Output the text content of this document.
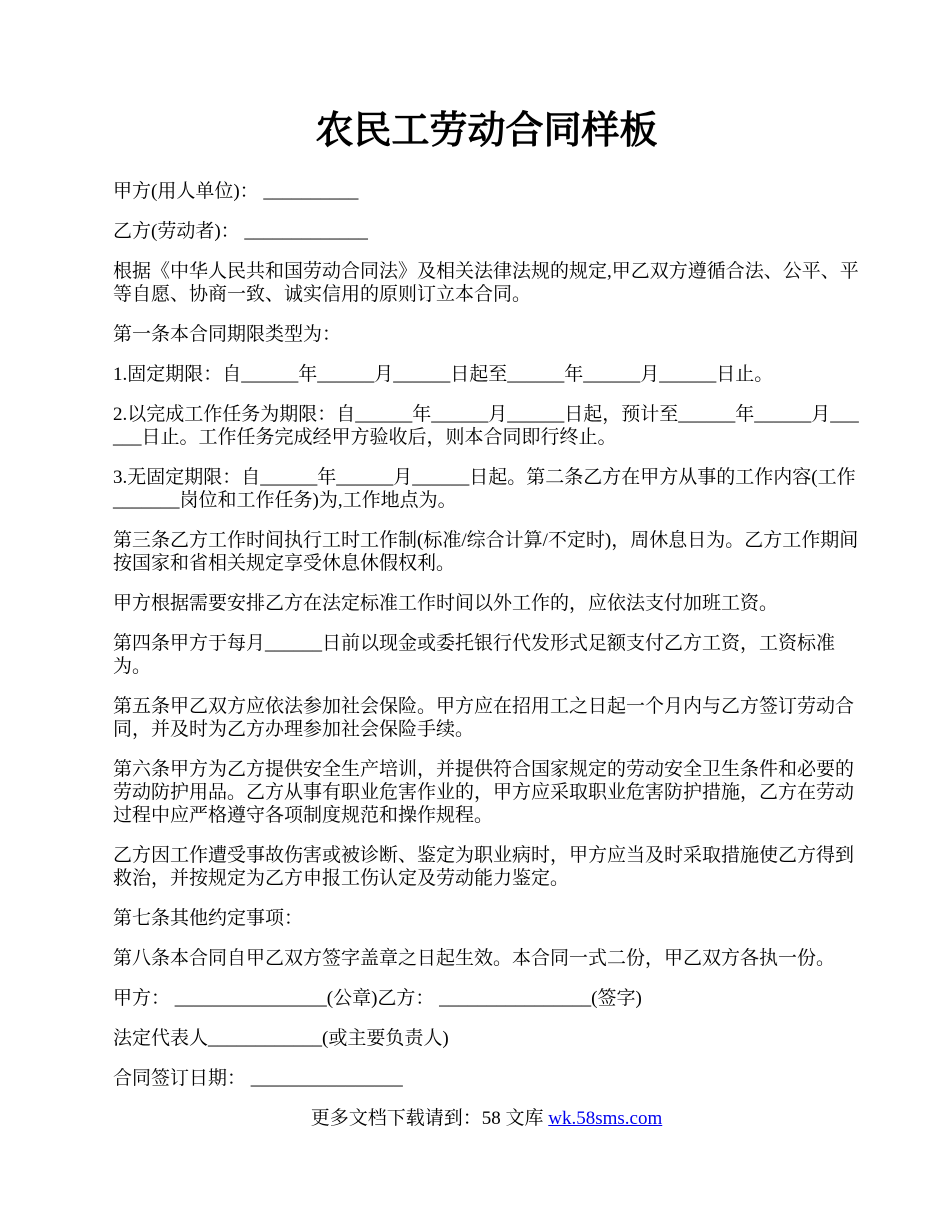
农民工劳动合同样板

甲方(用人单位)： __________

乙方(劳动者)： _____________

根据《中华人民共和国劳动合同法》及相关法律法规的规定,甲乙双方遵循合法、公平、平等自愿、协商一致、诚实信用的原则订立本合同。

第一条本合同期限类型为：

1.固定期限：自______年______月______日起至______年______月______日止。

2.以完成工作任务为期限：自______年______月______日起，预计至______年______月______日止。工作任务完成经甲方验收后，则本合同即行终止。

3.无固定期限：自______年______月______日起。第二条乙方在甲方从事的工作内容(工作_______岗位和工作任务)为,工作地点为。

第三条乙方工作时间执行工时工作制(标准/综合计算/不定时)，周休息日为。乙方工作期间按国家和省相关规定享受休息休假权利。

甲方根据需要安排乙方在法定标准工作时间以外工作的，应依法支付加班工资。

第四条甲方于每月______日前以现金或委托银行代发形式足额支付乙方工资，工资标准为。

第五条甲乙双方应依法参加社会保险。甲方应在招用工之日起一个月内与乙方签订劳动合同，并及时为乙方办理参加社会保险手续。

第六条甲方为乙方提供安全生产培训，并提供符合国家规定的劳动安全卫生条件和必要的劳动防护用品。乙方从事有职业危害作业的，甲方应采取职业危害防护措施，乙方在劳动过程中应严格遵守各项制度规范和操作规程。

乙方因工作遭受事故伤害或被诊断、鉴定为职业病时，甲方应当及时采取措施使乙方得到救治，并按规定为乙方申报工伤认定及劳动能力鉴定。

第七条其他约定事项：

第八条本合同自甲乙双方签字盖章之日起生效。本合同一式二份，甲乙双方各执一份。

甲方： ________________(公章)乙方： ________________(签字)

法定代表人____________(或主要负责人)

合同签订日期： ________________

更多文档下载请到：58 文库 wk.58sms.com
